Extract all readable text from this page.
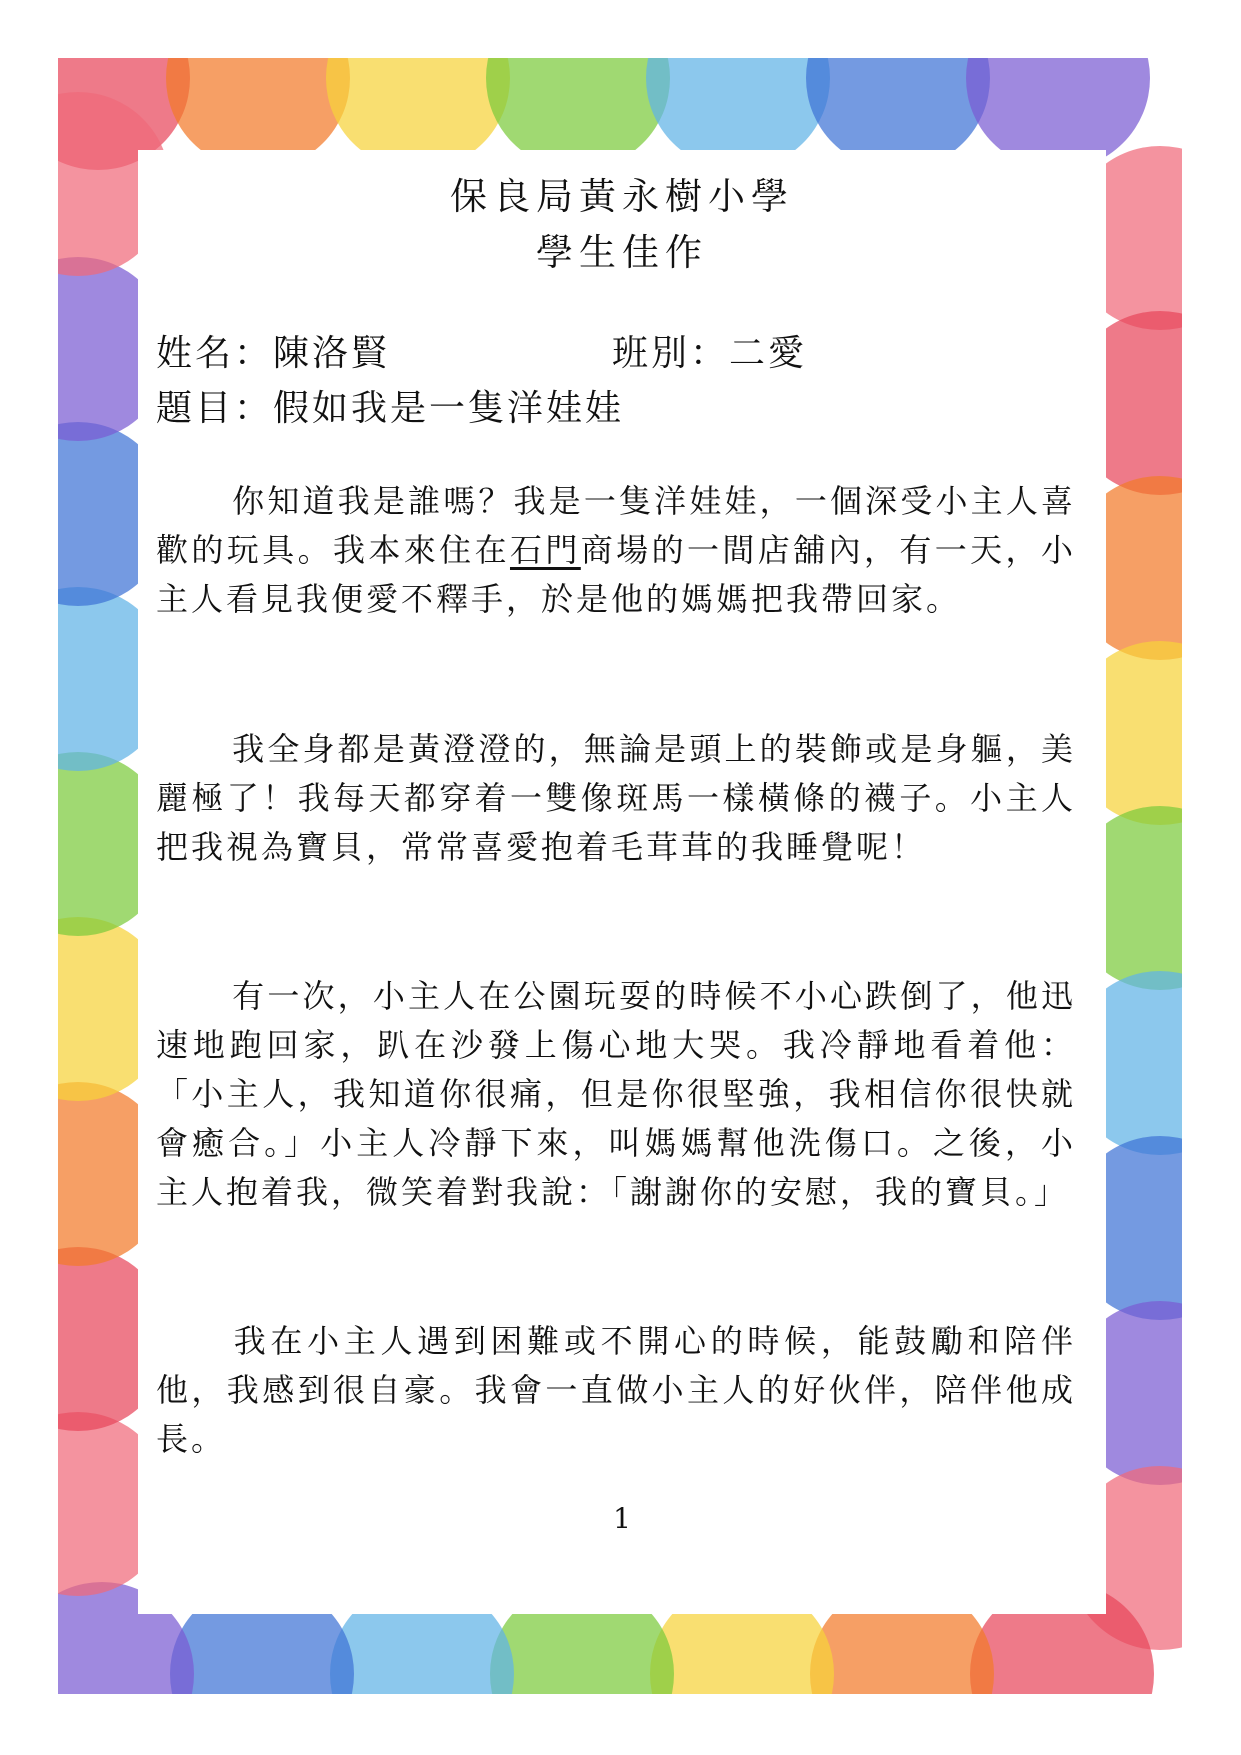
保良局黃永樹小學
學生佳作
姓名：陳洛賢	班別：二愛
題目：假如我是一隻洋娃娃

你知道我是誰嗎？我是一隻洋娃娃，一個深受小主人喜歡的玩具。我本來住在石門商場的一間店舖內，有一天，小主人看見我便愛不釋手，於是他的媽媽把我帶回家。

我全身都是黃澄澄的，無論是頭上的裝飾或是身軀，美麗極了！我每天都穿着一雙像斑馬一樣橫條的襪子。小主人把我視為寶貝，常常喜愛抱着毛茸茸的我睡覺呢！

有一次，小主人在公園玩耍的時候不小心跌倒了，他迅速地跑回家，趴在沙發上傷心地大哭。我冷靜地看着他：「小主人，我知道你很痛，但是你很堅強，我相信你很快就會癒合。」小主人冷靜下來，叫媽媽幫他洗傷口。之後，小主人抱着我，微笑着對我說：「謝謝你的安慰，我的寶貝。」

我在小主人遇到困難或不開心的時候，能鼓勵和陪伴他，我感到很自豪。我會一直做小主人的好伙伴，陪伴他成長。

1
